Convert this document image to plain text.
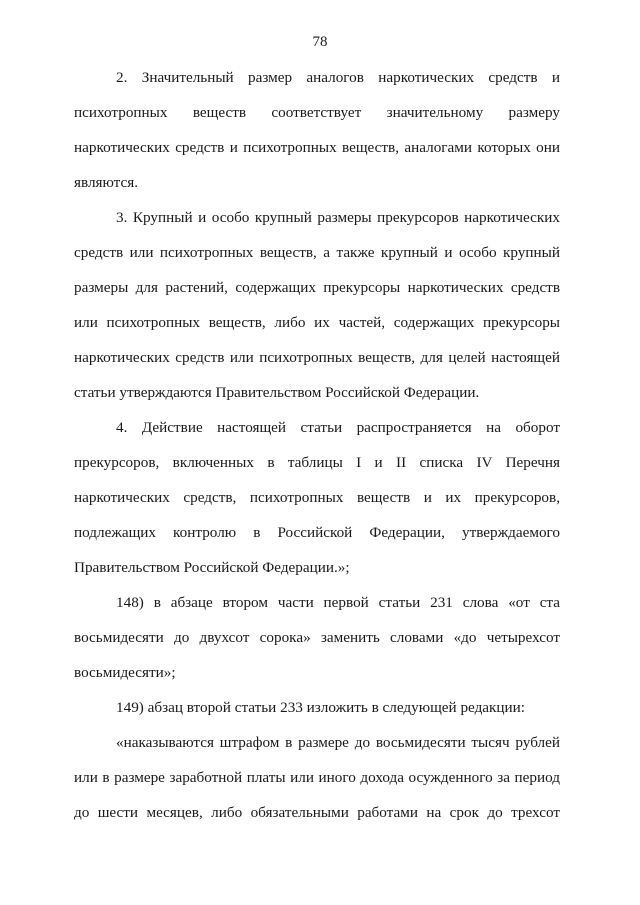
78
2. Значительный размер аналогов наркотических средств и
психотропных веществ соответствует значительному размеру
наркотических средств и психотропных веществ, аналогами которых они
являются.
3. Крупный и особо крупный размеры прекурсоров наркотических
средств или психотропных веществ, а также крупный и особо крупный
размеры для растений, содержащих прекурсоры наркотических средств
или психотропных веществ, либо их частей, содержащих прекурсоры
наркотических средств или психотропных веществ, для целей настоящей
статьи утверждаются Правительством Российской Федерации.
4. Действие настоящей статьи распространяется на оборот
прекурсоров, включенных в таблицы I и II списка IV Перечня
наркотических средств, психотропных веществ и их прекурсоров,
подлежащих контролю в Российской Федерации, утверждаемого
Правительством Российской Федерации.»;
148) в абзаце втором части первой статьи 231 слова «от ста
восьмидесяти до двухсот сорока» заменить словами «до четырехсот
восьмидесяти»;
149) абзац второй статьи 233 изложить в следующей редакции:
«наказываются штрафом в размере до восьмидесяти тысяч рублей
или в размере заработной платы или иного дохода осужденного за период
до шести месяцев, либо обязательными работами на срок до трехсот
